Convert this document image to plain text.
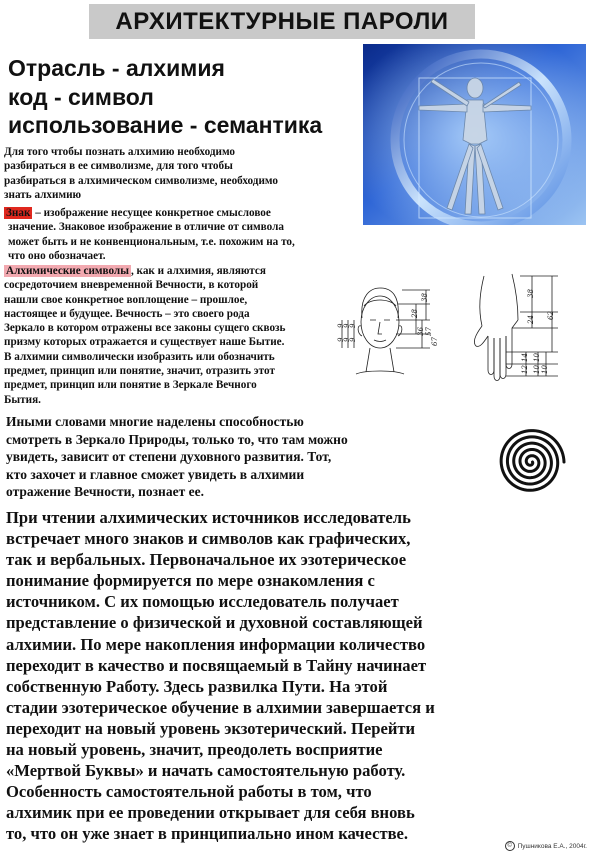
АРХИТЕКТУРНЫЕ ПАРОЛИ
Отрасль - алхимия
код - символ
использование - семантика
Для того чтобы познать алхимию необходимо
разбираться в ее символизме, для того чтобы
разбираться в алхимическом символизме, необходимо
знать алхимию
Знак – изображение несущее конкретное смысловое
значение. Знаковое изображение в отличие от символа
может быть и не конвенциональным, т.е. похожим на то,
что оно обозначает.
Алхимические символы , как и алхимия, являются
сосредоточием вневременной Вечности, в которой
нашли свое конкретное воплощение – прошлое,
настоящее и будущее. Вечность – это своего рода
Зеркало в котором отражены все законы сущего сквозь
призму которых отражается и существует наше Бытие.
В алхимии символически изобразить или обозначить
предмет, принцип или понятие, значит, отразить этот
предмет, принцип или понятие в Зеркале Вечного
Бытия.
38
28
36 57
67
9
9
9
9
9
9
38
24 62
14
12
10
10 10
Иными словами многие наделены способностью
смотреть в Зеркало Природы, только то, что там можно
увидеть, зависит от степени духовного развития. Тот,
кто захочет и главное сможет увидеть в алхимии
отражение Вечности, познает ее.
При чтении алхимических источников исследователь
встречает много знаков и символов как графических,
так и вербальных. Первоначальное их эзотерическое
понимание формируется по мере ознакомления с
источником. С их помощью исследователь получает
представление о физической и духовной составляющей
алхимии. По мере накопления информации количество
переходит в качество и посвящаемый в Тайну начинает
собственную Работу. Здесь развилка Пути. На этой
стадии эзотерическое обучение в алхимии завершается и
переходит на новый уровень экзотерический. Перейти
на новый уровень, значит, преодолеть восприятие
«Мертвой Буквы» и начать самостоятельную работу.
Особенность самостоятельной работы в том, что
алхимик при ее проведении открывает для себя вновь
то, что он уже знает в принципиально ином качестве.
© Пушникова Е.А., 2004г.
